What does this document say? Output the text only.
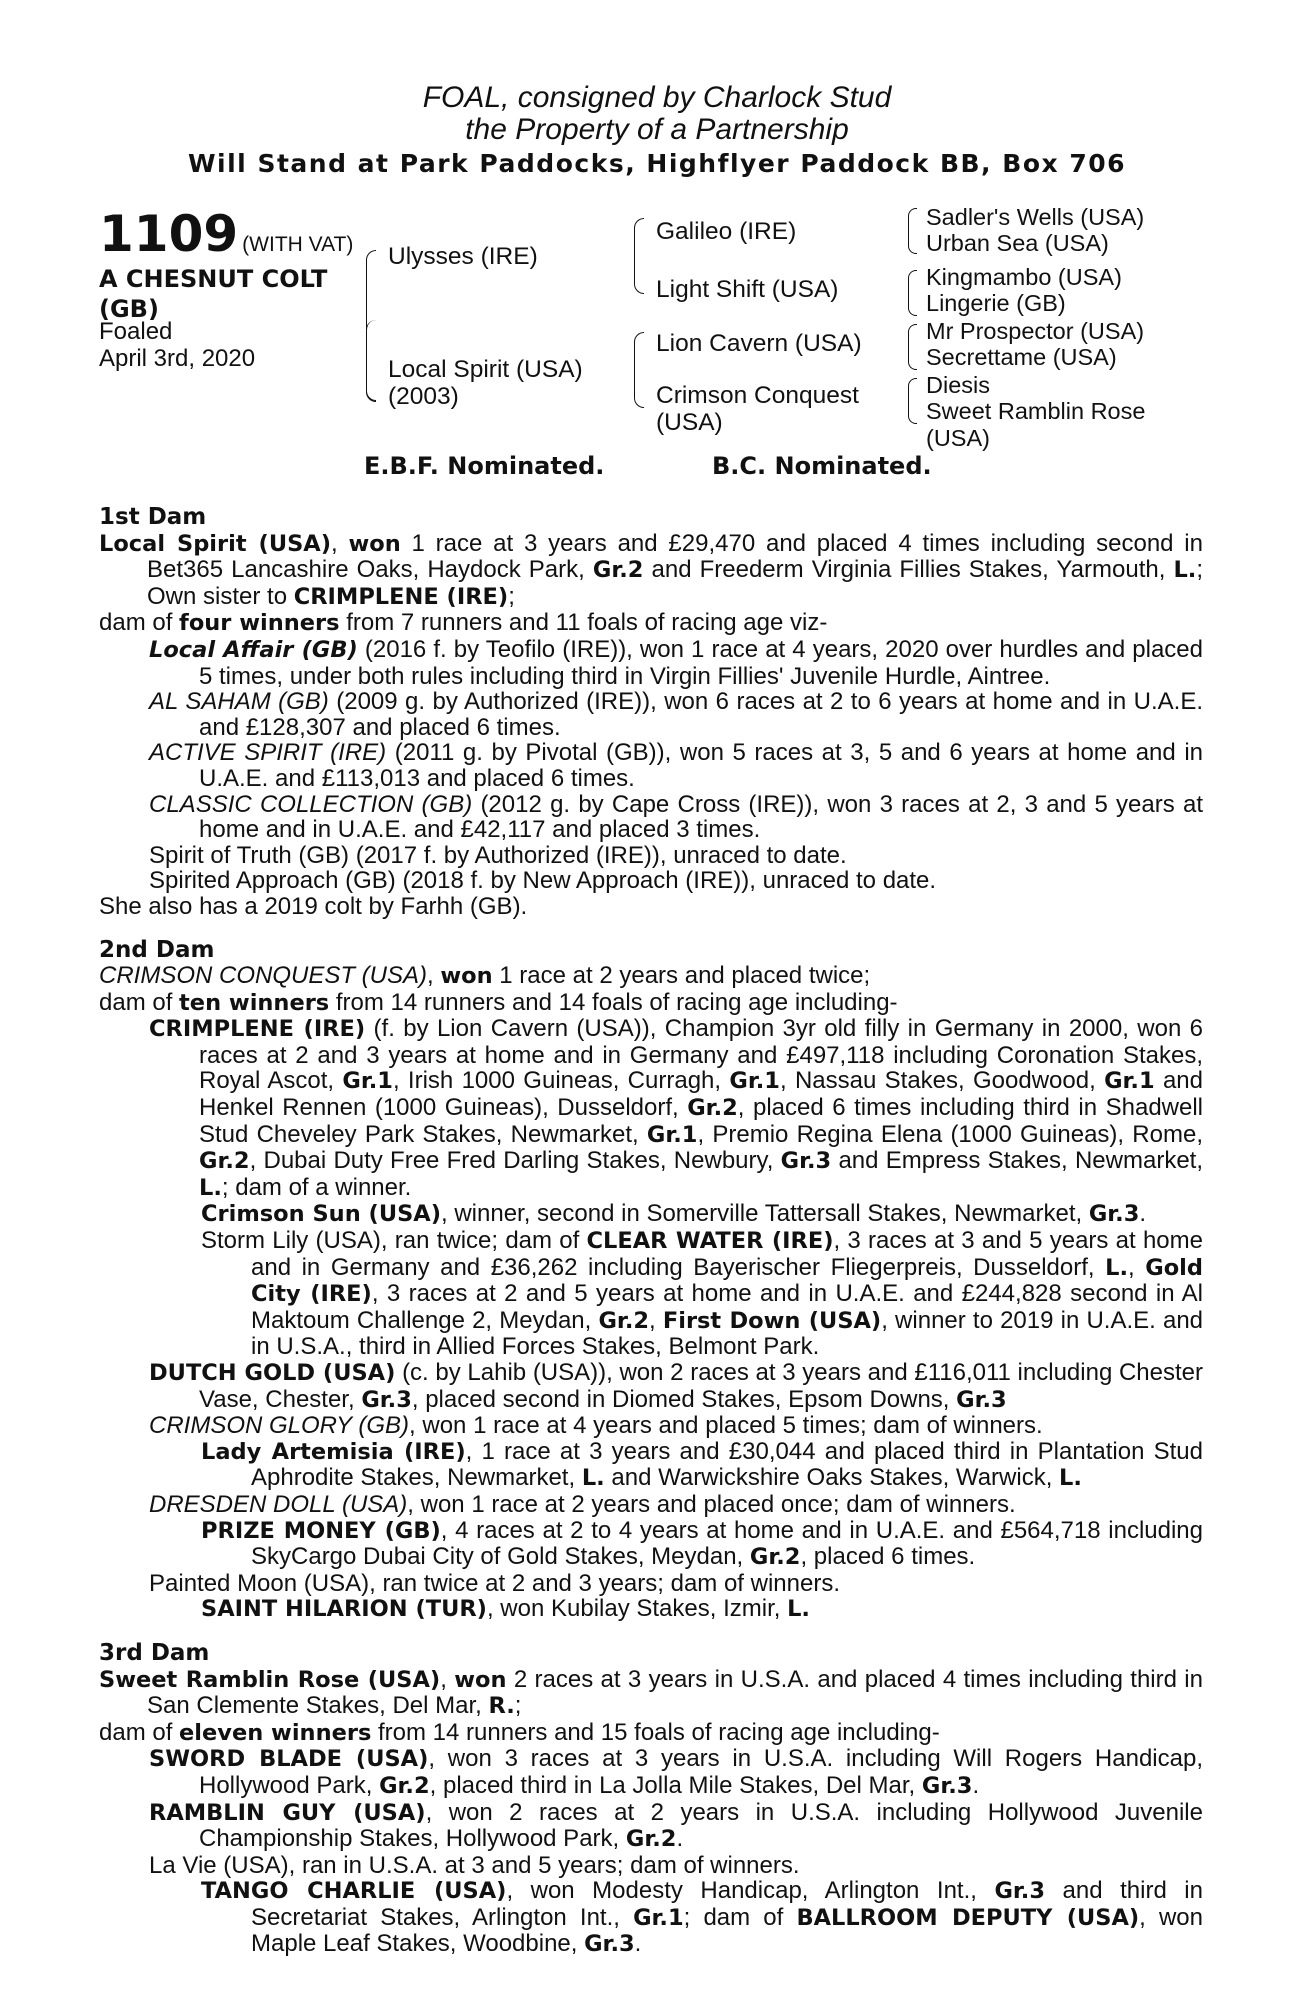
FOAL, consigned by Charlock Stud
the Property of a Partnership
Will Stand at Park Paddocks, Highflyer Paddock BB, Box 706
1109 (WITH VAT)
A CHESNUT COLT
(GB)
Foaled
April 3rd, 2020
Ulysses (IRE)
Local Spirit (USA)
(2003)
Galileo (IRE)
Light Shift (USA)
Lion Cavern (USA)
Crimson Conquest
(USA)
Sadler's Wells (USA)
Urban Sea (USA)
Kingmambo (USA)
Lingerie (GB)
Mr Prospector (USA)
Secrettame (USA)
Diesis
Sweet Ramblin Rose
(USA)
E.B.F. Nominated.	B.C. Nominated.
1st Dam
Local Spirit (USA), won 1 race at 3 years and £29,470 and placed 4 times including second in Bet365 Lancashire Oaks, Haydock Park, Gr.2 and Freederm Virginia Fillies Stakes, Yarmouth, L.; Own sister to CRIMPLENE (IRE);
dam of four winners from 7 runners and 11 foals of racing age viz-
Local Affair (GB) (2016 f. by Teofilo (IRE)), won 1 race at 4 years, 2020 over hurdles and placed 5 times, under both rules including third in Virgin Fillies' Juvenile Hurdle, Aintree.
AL SAHAM (GB) (2009 g. by Authorized (IRE)), won 6 races at 2 to 6 years at home and in U.A.E. and £128,307 and placed 6 times.
ACTIVE SPIRIT (IRE) (2011 g. by Pivotal (GB)), won 5 races at 3, 5 and 6 years at home and in U.A.E. and £113,013 and placed 6 times.
CLASSIC COLLECTION (GB) (2012 g. by Cape Cross (IRE)), won 3 races at 2, 3 and 5 years at home and in U.A.E. and £42,117 and placed 3 times.
Spirit of Truth (GB) (2017 f. by Authorized (IRE)), unraced to date.
Spirited Approach (GB) (2018 f. by New Approach (IRE)), unraced to date.
She also has a 2019 colt by Farhh (GB).
2nd Dam
CRIMSON CONQUEST (USA), won 1 race at 2 years and placed twice;
dam of ten winners from 14 runners and 14 foals of racing age including-
CRIMPLENE (IRE) (f. by Lion Cavern (USA)), Champion 3yr old filly in Germany in 2000, won 6 races at 2 and 3 years at home and in Germany and £497,118 including Coronation Stakes, Royal Ascot, Gr.1, Irish 1000 Guineas, Curragh, Gr.1, Nassau Stakes, Goodwood, Gr.1 and Henkel Rennen (1000 Guineas), Dusseldorf, Gr.2, placed 6 times including third in Shadwell Stud Cheveley Park Stakes, Newmarket, Gr.1, Premio Regina Elena (1000 Guineas), Rome, Gr.2, Dubai Duty Free Fred Darling Stakes, Newbury, Gr.3 and Empress Stakes, Newmarket, L.; dam of a winner.
Crimson Sun (USA), winner, second in Somerville Tattersall Stakes, Newmarket, Gr.3.
Storm Lily (USA), ran twice; dam of CLEAR WATER (IRE), 3 races at 3 and 5 years at home and in Germany and £36,262 including Bayerischer Fliegerpreis, Dusseldorf, L., Gold City (IRE), 3 races at 2 and 5 years at home and in U.A.E. and £244,828 second in Al Maktoum Challenge 2, Meydan, Gr.2, First Down (USA), winner to 2019 in U.A.E. and in U.S.A., third in Allied Forces Stakes, Belmont Park.
DUTCH GOLD (USA) (c. by Lahib (USA)), won 2 races at 3 years and £116,011 including Chester Vase, Chester, Gr.3, placed second in Diomed Stakes, Epsom Downs, Gr.3
CRIMSON GLORY (GB), won 1 race at 4 years and placed 5 times; dam of winners.
Lady Artemisia (IRE), 1 race at 3 years and £30,044 and placed third in Plantation Stud Aphrodite Stakes, Newmarket, L. and Warwickshire Oaks Stakes, Warwick, L.
DRESDEN DOLL (USA), won 1 race at 2 years and placed once; dam of winners.
PRIZE MONEY (GB), 4 races at 2 to 4 years at home and in U.A.E. and £564,718 including SkyCargo Dubai City of Gold Stakes, Meydan, Gr.2, placed 6 times.
Painted Moon (USA), ran twice at 2 and 3 years; dam of winners.
SAINT HILARION (TUR), won Kubilay Stakes, Izmir, L.
3rd Dam
Sweet Ramblin Rose (USA), won 2 races at 3 years in U.S.A. and placed 4 times including third in San Clemente Stakes, Del Mar, R.;
dam of eleven winners from 14 runners and 15 foals of racing age including-
SWORD BLADE (USA), won 3 races at 3 years in U.S.A. including Will Rogers Handicap, Hollywood Park, Gr.2, placed third in La Jolla Mile Stakes, Del Mar, Gr.3.
RAMBLIN GUY (USA), won 2 races at 2 years in U.S.A. including Hollywood Juvenile Championship Stakes, Hollywood Park, Gr.2.
La Vie (USA), ran in U.S.A. at 3 and 5 years; dam of winners.
TANGO CHARLIE (USA), won Modesty Handicap, Arlington Int., Gr.3 and third in Secretariat Stakes, Arlington Int., Gr.1; dam of BALLROOM DEPUTY (USA), won Maple Leaf Stakes, Woodbine, Gr.3.
